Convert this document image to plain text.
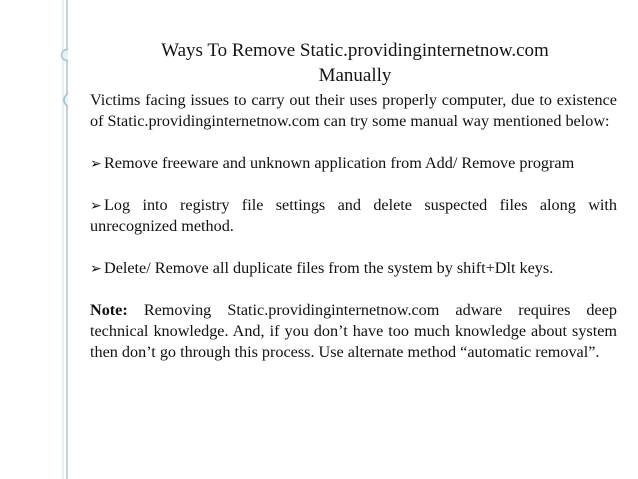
Ways To Remove Static.providinginternetnow.com
Manually

Victims facing issues to carry out their uses properly computer, due to existence of Static.providinginternetnow.com can try some manual way mentioned below:

➢ Remove freeware and unknown application from Add/ Remove program

➢ Log into registry file settings and delete suspected files along with unrecognized method.

➢ Delete/ Remove all duplicate files from the system by shift+Dlt keys.

Note: Removing Static.providinginternetnow.com adware requires deep technical knowledge. And, if you don’t have too much knowledge about system then don’t go through this process. Use alternate method “automatic removal”.
